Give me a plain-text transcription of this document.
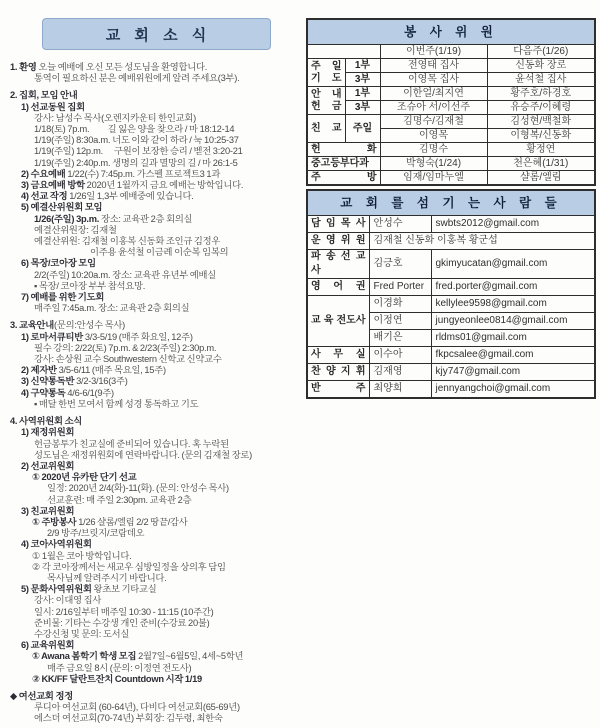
교 회 소 식
1. 환영 오늘 예배에 오신 모든 성도님을 환영합니다.
통역이 필요하신 분은 예배위원에게 알려 주세요(3부).
2. 집회, 모임 안내
1) 선교동원 집회
강사: 남성수 목사(오렌지카운티 한인교회)
1/18(토) 7p.m.          길 잃은 양을 찾으라 / 마 18:12-14
1/19(주일) 8:30a.m. 너도 이와 같이 하라 / 눅 10:25-37
1/19(주일) 12p.m.      구원이 보장한 승리 / 벧전 3:20-21
1/19(주일) 2:40p.m. 생명의 길과 멸망의 길 / 마 26:1-5
2) 수요예배 1/22(수) 7:45p.m. 가스펠 프로젝트3 1과
3) 금요예배 방학 2020년 1월까지 금요 예배는 방학입니다.
4) 선교 작정 1/26일 1,3부 예배중에 있습니다.
5) 예결산위원회 모임
1/26(주일) 3p.m. 장소: 교육관 2층 회의실
예결산위원장: 김재철
예결산위원: 김재철 이홍복 신동화 조인규 김정우
이주용 윤석철 이금례 이순복 임복의
6) 목장/코아장 모임
2/2(주일) 10:20a.m. 장소: 교육관 유년부 예배실
▪ 목장/ 코아장 부부 참석요망.
7) 예배를 위한 기도회
매주일 7:45a.m. 장소: 교육관 2층 회의실
3. 교육안내(문의:안성수 목사)
1) 로마서큐티반 3/3-5/19 (매주 화요일, 12주)
필수 강의: 2/22(토) 7p.m. & 2/23(주일) 2:30p.m.
강사: 손상원 교수 Southwestern 신학교 신약교수
2) 제자반 3/5-6/11 (매주 목요일, 15주)
3) 신약통독반 3/2-3/16(3주)
4) 구약통독 4/6-6/1(9주)
▪ 매달 한번 모여서 함께 성경 통독하고 기도
4. 사역위원회 소식
1) 재정위원회
헌금봉투가 친교실에 준비되어 있습니다. 혹 누락된
성도님은 재정위원회에 연락바랍니다. (문의 김재철 장로)
2) 선교위원회
① 2020년 유카탄 단기 선교
일정: 2020년 2/4(화)-11(화). (문의: 안성수 목사)
선교훈련: 매 주일 2:30pm. 교육관 2층
3) 친교위원회
① 주방봉사 1/26 샬롬/엘림 2/2 땅끝/감사
2/9 방주/브릿지/코람데오
4) 코아사역위원회
① 1월은 코아 방학입니다.
② 각 코아장께서는 새교우 심방일정을 상의후 담임
목사님께 알려주시기 바랍니다.
5) 문화사역위원회 왕초보 기타교실
강사: 이대영 집사
일시: 2/16일부터 매주일 10:30 - 11:15 (10주간)
준비물: 기타는 수강생 개인 준비(수강료 20불)
수강신청 및 문의: 도서실
6) 교육위원회
① Awana 봄학기 학생 모집 2월7일~6월5일, 4세~5학년
매주 금요일 8시 (문의: 이정연 전도사)
② KK/FF 달란트잔치 Countdown 시작 1/19
◆ 여선교회 정정
루디아 여선교회 (60-64년), 다비다 여선교회(65-69년)
에스더 여선교회(70-74년) 부회장: 김두령, 최한숙
봉 사 위 원			
		이번주(1/19)	다음주(1/26)

주 일
기 도	1부	전영태 집사	신동화 장로
	3부	이영목 집사	윤석철 집사

안 내
헌 금	1부	이한얼/최지연	황주호/하경호
	3부	조슈아 서/이선주	유승주/이혜령
친 교	주일	김명수/김재철	김성현/백철화
		이영목	이형복/신동화
헌 화		김명수	황정연
중고등부다과		박형숙(1/24)	천은혜(1/31)
주 방		임재/임마누엘	샬롬/엘림
교 회 를 섬 기 는 사 람 들		
담 임 목 사	안성수	swbts2012@gmail.com
운 영 위 원	김재철 신동화 이홍복 황군섭	
파 송 선 교 사	김긍호	gkimyucatan@gmail.com
영 어 권	Fred Porter	fred.porter@gmail.com
교 육 전도사	이경화	kellylee9598@gmail.com
	이정연	jungyeonlee0814@gmail.com
	배기은	rldms01@gmail.com
사 무 실	이수아	fkpcsalee@gmail.com
찬 양 지 휘	김재영	kjy747@gmail.com
반 주	최양희	jennyangchoi@gmail.com
